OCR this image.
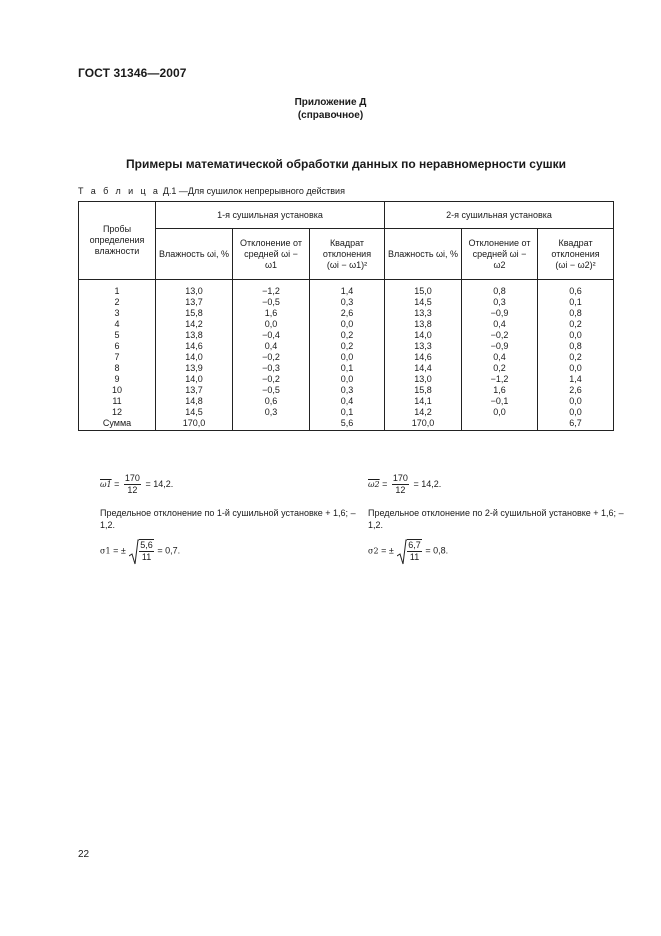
ГОСТ 31346—2007
Приложение Д
(справочное)
Примеры математической обработки данных по неравномерности сушки
Т а б л и ц а Д.1 —Для сушилок непрерывного действия
Пробы определения влажности	1-я сушильная установка			2-я сушильная установка		
	Влажность ωi, %	Отклонение от средней ωi − ω1	Квадрат отклонения (ωi − ω1)²	Влажность ωi, %	Отклонение от средней ωi − ω2	Квадрат отклонения (ωi − ω2)²
1	13,0	−1,2	1,4	15,0	0,8	0,6
2	13,7	−0,5	0,3	14,5	0,3	0,1
3	15,8	1,6	2,6	13,3	−0,9	0,8
4	14,2	0,0	0,0	13,8	0,4	0,2
5	13,8	−0,4	0,2	14,0	−0,2	0,0
6	14,6	0,4	0,2	13,3	−0,9	0,8
7	14,0	−0,2	0,0	14,6	0,4	0,2
8	13,9	−0,3	0,1	14,4	0,2	0,0
9	14,0	−0,2	0,0	13,0	−1,2	1,4
10	13,7	−0,5	0,3	15,8	1,6	2,6
11	14,8	0,6	0,4	14,1	−0,1	0,0
12	14,5	0,3	0,1	14,2	0,0	0,0
Сумма	170,0		5,6	170,0		6,7
$\omega 1 = \frac{170}{12} = 14,2$.	$\omega 2 = \frac{170}{12} = 14,2$.
Предельное отклонение по 1-й сушильной установке + 1,6; –1,2.
Предельное отклонение по 2-й сушильной установке + 1,6; –1,2.
σ1 = ± $\frac{5,6}{11} = 0,7$.	σ2 = ± $\frac{6,7}{11} = 0,8$.
22
